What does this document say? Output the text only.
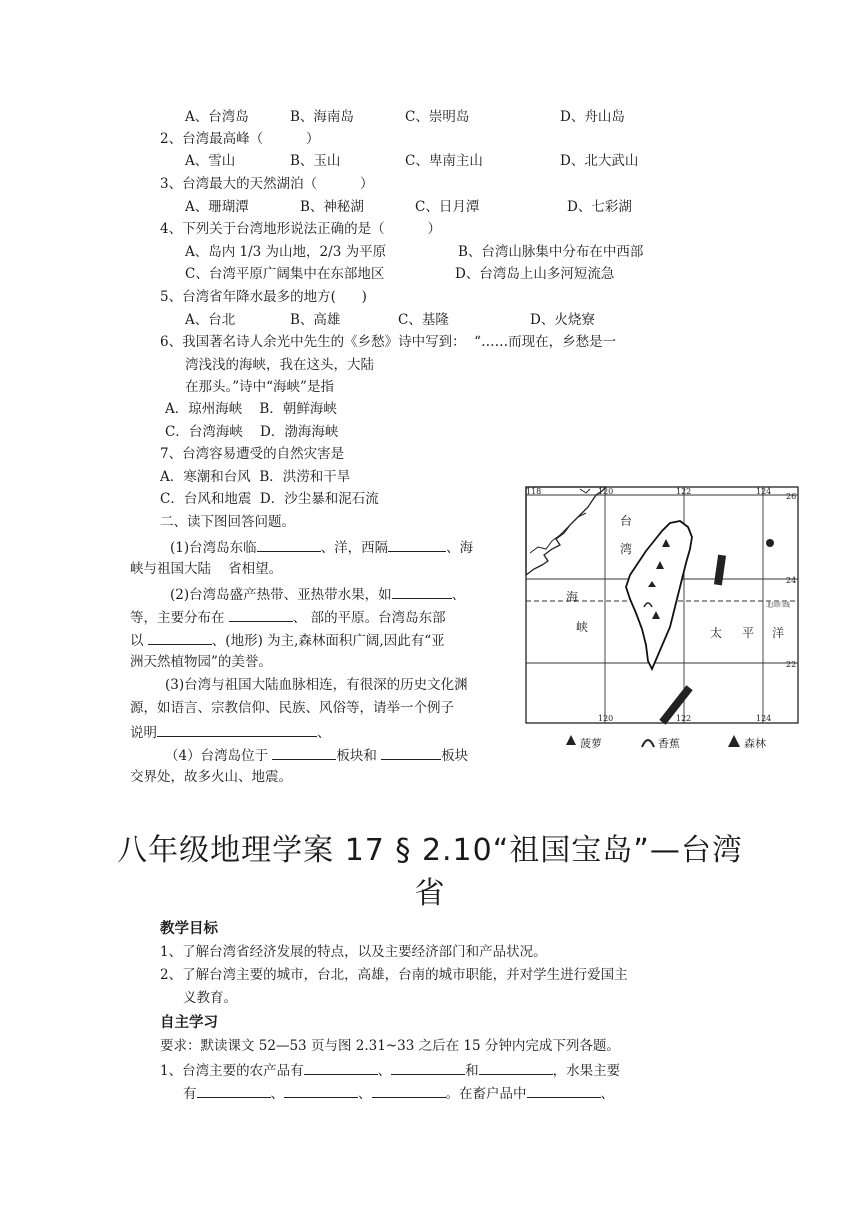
A、台湾岛	B、海南岛	C、崇明岛	D、舟山岛
2、台湾最高峰（          ）
A、雪山	B、玉山	C、卑南主山	D、北大武山
3、台湾最大的天然湖泊（          ）
A、珊瑚潭	B、神秘湖	C、日月潭	D、七彩湖
4、下列关于台湾地形说法正确的是（          ）
A、岛内 1/3 为山地，2/3 为平原	B、台湾山脉集中分布在中西部
C、台湾平原广阔集中在东部地区	D、台湾岛上山多河短流急
5、台湾省年降水最多的地方(      )
A、台北	B、高雄	C、基隆	D、火烧寮
6、我国著名诗人余光中先生的《乡愁》诗中写到：  “……而现在，乡愁是一
湾浅浅的海峡，我在这头，大陆
在那头。”诗中“海峡”是指
A．琼州海峡    B．朝鲜海峡
C．台湾海峡    D．渤海海峡
7、台湾容易遭受的自然灾害是
A．寒潮和台风  B．洪涝和干旱
C．台风和地震  D．沙尘暴和泥石流
二、读下图回答问题。
(1)台湾岛东临	、洋，西隔	、海
峡与祖国大陆    省相望。
(2)台湾岛盛产热带、亚热带水果，如	、
等，主要分布在	、 部的平原。台湾岛东部
以	、(地形) 为主,森林面积广阔,因此有“亚
洲天然植物园”的美誉。
(3)台湾与祖国大陆血脉相连，有很深的历史文化渊
源，如语言、宗教信仰、民族、风俗等，请举一个例子
说明	、
（4）台湾岛位于	板块和	板块
交界处，故多火山、地震。
台
湾
海
峡	太 平 洋
北回归线
118	120	122	124
120	122	124
26
24
22
菠萝	香蕉	森林
八年级地理学案 17 § 2.10“祖国宝岛”—台湾
省
教学目标
1、了解台湾省经济发展的特点，以及主要经济部门和产品状况。
2、了解台湾主要的城市，台北，高雄，台南的城市职能，并对学生进行爱国主
义教育。
自主学习
要求：默读课文 52—53 页与图 2.31~33 之后在 15 分钟内完成下列各题。
1、台湾主要的农产品有	、	和	，水果主要
有	、	、	。在畜户品中	、
